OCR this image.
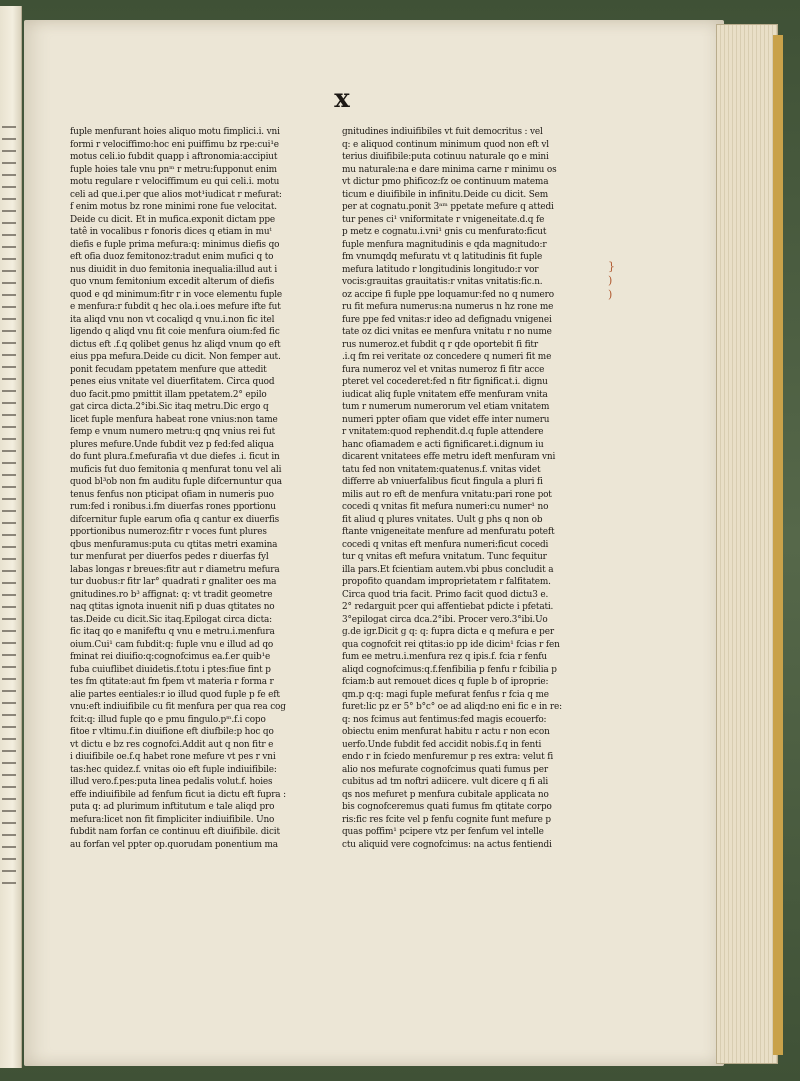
x
fuple menfurant hoies aliquo motu fimplici.i. vni
formi r velociffimo:hoc eni puiffimu bz rpe:cui¹e
motus celi.io fubdit quapp i aftronomia:accipiut
fuple hoies tale vnu pnᵐ r metru:fupponut enim
motu regulare r velociffimum eu qui celi.i. motu
celi ad que.i.per que alios mot¹iudicat r mefurat:
f enim motus bz rone minimi rone fue velocitat.
Deide cu dicit. Et in mufica.exponit dictam ppe
tatê in vocalibus r fonoris dices q etiam in muᵗ
diefis e fuple prima mefura:q: minimus diefis qo
eft ofia duoz femitonoz:tradut enim mufici q to
nus diuidit in duo femitonia inequalia:illud aut i
quo vnum femitonium excedit alterum of diefis
quod e qd minimum:fitr r in voce elementu fuple
e menfura:r fubdit q hec ola.i.oes mefure ifte fut
ita aliqd vnu non vt cocaliqd q vnu.i.non fic itel
ligendo q aliqd vnu fit coie menfura oium:fed fic
dictus eft .f.q qolibet genus hz aliqd vnum qo eft
eius ppa mefura.Deide cu dicit. Non femper aut.
ponit fecudam ppetatem menfure que attedit
penes eius vnitate vel diuerfitatem. Circa quod
duo facit.pmo pmittit illam ppetatem.2° epilo
gat circa dicta.2°ibi.Sic itaq metru.Dic ergo q
licet fuple menfura habeat rone vnius:non tame
femp e vnum numero metru:q qnq vnius rei fut
plures mefure.Unde fubdit vez p fed:fed aliqua
do funt plura.f.mefurafia vt due diefes .i. ficut in
muficis fut duo femitonia q menfurat tonu vel ali
quod bl³ob non fm auditu fuple difcernuntur qua
tenus fenfus non pticipat ofiam in numeris puo
rum:fed i ronibus.i.fm diuerfas rones pportionu
difcernitur fuple earum ofia q cantur ex diuerfis
pportionibus numeroz:fitr r voces funt plures
qbus menfuramus:puta cu qtitas metri examina
tur menfurat per diuerfos pedes r diuerfas fyl
labas longas r breues:fitr aut r diametru mefura
tur duobus:r fitr lar° quadrati r gnaliter oes ma
gnitudines.ro b³ affignat: q: vt tradit geometre
naq qtitas ignota inuenit nifi p duas qtitates no
tas.Deide cu dicit.Sic itaq.Epilogat circa dicta:
fic itaq qo e manifeftu q vnu e metru.i.menfura
oium.Cui¹ cam fubdit:q: fuple vnu e illud ad qo
fminat rei diuifio:q:cognofcimus ea.f.er quib¹e
fuba cuiuflibet diuidetis.f.totu i ptes:fiue fint p
tes fm qtitate:aut fm fpem vt materia r forma r
alie partes eentiales:r io illud quod fuple p fe eft
vnu:eft indiuifibile cu fit menfura per qua rea cog
fcit:q: illud fuple qo e pmu fingulo.pᵐ.f.i copo
fitoe r vltimu.f.in diuifione eft diufbile:p hoc qo
vt dictu e bz res cognofci.Addit aut q non fitr e
i diuifibile oe.f.q habet rone mefure vt pes r vni
tas:hec quidez.f. vnitas oio eft fuple indiuifibile:
illud vero.f.pes:puta linea pedalis volut.f. hoies
effe indiuifibile ad fenfum ficut ia dictu eft fupra :
puta q: ad plurimum inftitutum e tale aliqd pro
mefura:licet non fit fimpliciter indiuifibile. Uno
fubdit nam forfan ce continuu eft diuifibile. dicit
au forfan vel ppter op.quorudam ponentium ma
gnitudines indiuifibiles vt fuit democritus : vel
q: e aliquod continum minimum quod non eft vl
terius diuifibile:puta cotinuu naturale qo e mini
mu naturale:na e dare minima carne r minimu os
vt dictur pmo phificoz:fz oe continuum matema
ticum e diuifibile in infinitu.Deide cu dicit. Sem
per at cognatu.ponit 3ᵃᵐ ppetate mefure q attedi
tur penes ci¹ vniformitate r vnigeneitate.d.q fe
p metz e cognatu.i.vni¹ gnis cu menfurato:ficut
fuple menfura magnitudinis e qda magnitudo:r
fm vnumqdq mefuratu vt q latitudinis fit fuple
mefura latitudo r longitudinis longitudo:r vor
vocis:grauitas grauitatis:r vnitas vnitatis:fic.n.
oz accipe fi fuple ppe loquamur:fed no q numero
ru fit mefura numerus:na numerus n hz rone me
fure ppe fed vnitas:r ideo ad defignadu vnigenei
tate oz dici vnitas ee menfura vnitatu r no nume
rus numeroz.et fubdit q r qde oportebit fi fitr
.i.q fm rei veritate oz concedere q numeri fit me
fura numeroz vel et vnitas numeroz fi fitr acce
pteret vel cocederet:fed n fitr fignificat.i. dignu
iudicat aliq fuple vnitatem effe menfuram vnita
tum r numerum numerorum vel etiam vnitatem
numeri ppter ofiam que videt effe inter numeru
r vnitatem:quod rephendit.d.q fuple attendere
hanc ofiamadem e acti fignificaret.i.dignum iu
dicarent vnitatees effe metru ideft menfuram vni
tatu fed non vnitatem:quatenus.f. vnitas videt
differre ab vniuerfalibus ficut fingula a pluri fi
milis aut ro eft de menfura vnitatu:pari rone pot
cocedi q vnitas fit mefura numeri:cu numer¹ no
fit aliud q plures vnitates. Uult g phs q non ob
ftante vnigeneitate menfure ad menfuratu poteft
cocedi q vnitas eft menfura numeri:ficut cocedi
tur q vnitas eft mefura vnitatum. Tunc fequitur
illa pars.Et fcientiam autem.vbi pbus concludit a
propofito quandam improprietatem r falfitatem.
Circa quod tria facit. Primo facit quod dictu3 e.
2° redarguit pcer qui affentiebat pdicte i pfetati.
3°epilogat circa dca.2°ibi. Procer vero.3°ibi.Uo
g.de igr.Dicit g q: q: fupra dicta e q mefura e per
qua cognofcit rei qtitas:io pp ide dicim¹ fcias r fen
fum ee metru.i.menfura rez q ipis.f. fcia r fenfu
aliqd cognofcimus:q.f.fenfibilia p fenfu r fcibilia p
fciam:b aut remouet dices q fuple b of iproprie:
qm.p q:q: magi fuple mefurat fenfus r fcia q me
furet:lic pz er 5° b°c° oe ad aliqd:no eni fic e in re:
q: nos fcimus aut fentimus:fed magis ecouerfo:
obiectu enim menfurat habitu r actu r non econ
uerfo.Unde fubdit fed accidit nobis.f.q in fenti
endo r in fciedo menfuremur p res extra: velut fi
alio nos mefurate cognofcimus quati fumus per
cubitus ad tm noftri adiicere. vult dicere q fi ali
qs nos mefuret p menfura cubitale applicata no
bis cognofceremus quati fumus fm qtitate corpo
ris:fic res fcite vel p fenfu cognite funt mefure p
quas poffim¹ pcipere vtz per fenfum vel intelle
ctu aliquid vere cognofcimus: na actus fentiendi
}
)
)
